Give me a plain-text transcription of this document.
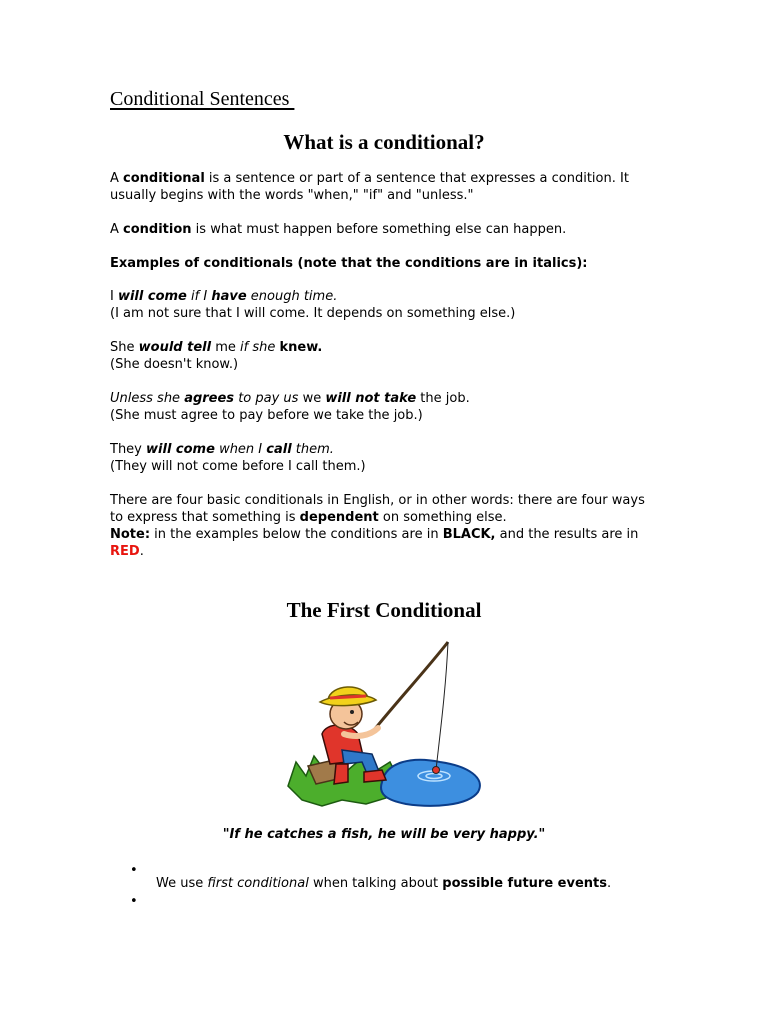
Conditional Sentences
What is a conditional?
A conditional is a sentence or part of a sentence that expresses a condition. It
usually begins with the words "when," "if" and "unless."
A condition is what must happen before something else can happen.
Examples of conditionals (note that the conditions are in italics):
I will come if I have enough time.
(I am not sure that I will come. It depends on something else.)
She would tell me if she knew.
(She doesn't know.)
Unless she agrees to pay us we will not take the job.
(She must agree to pay before we take the job.)
They will come when I call them.
(They will not come before I call them.)
There are four basic conditionals in English, or in other words: there are four ways
to express that something is dependent on something else.
Note: in the examples below the conditions are in BLACK, and the results are in
RED.
The First Conditional
"If he catches a fish, he will be very happy."
•
We use first conditional when talking about possible future events.
•
